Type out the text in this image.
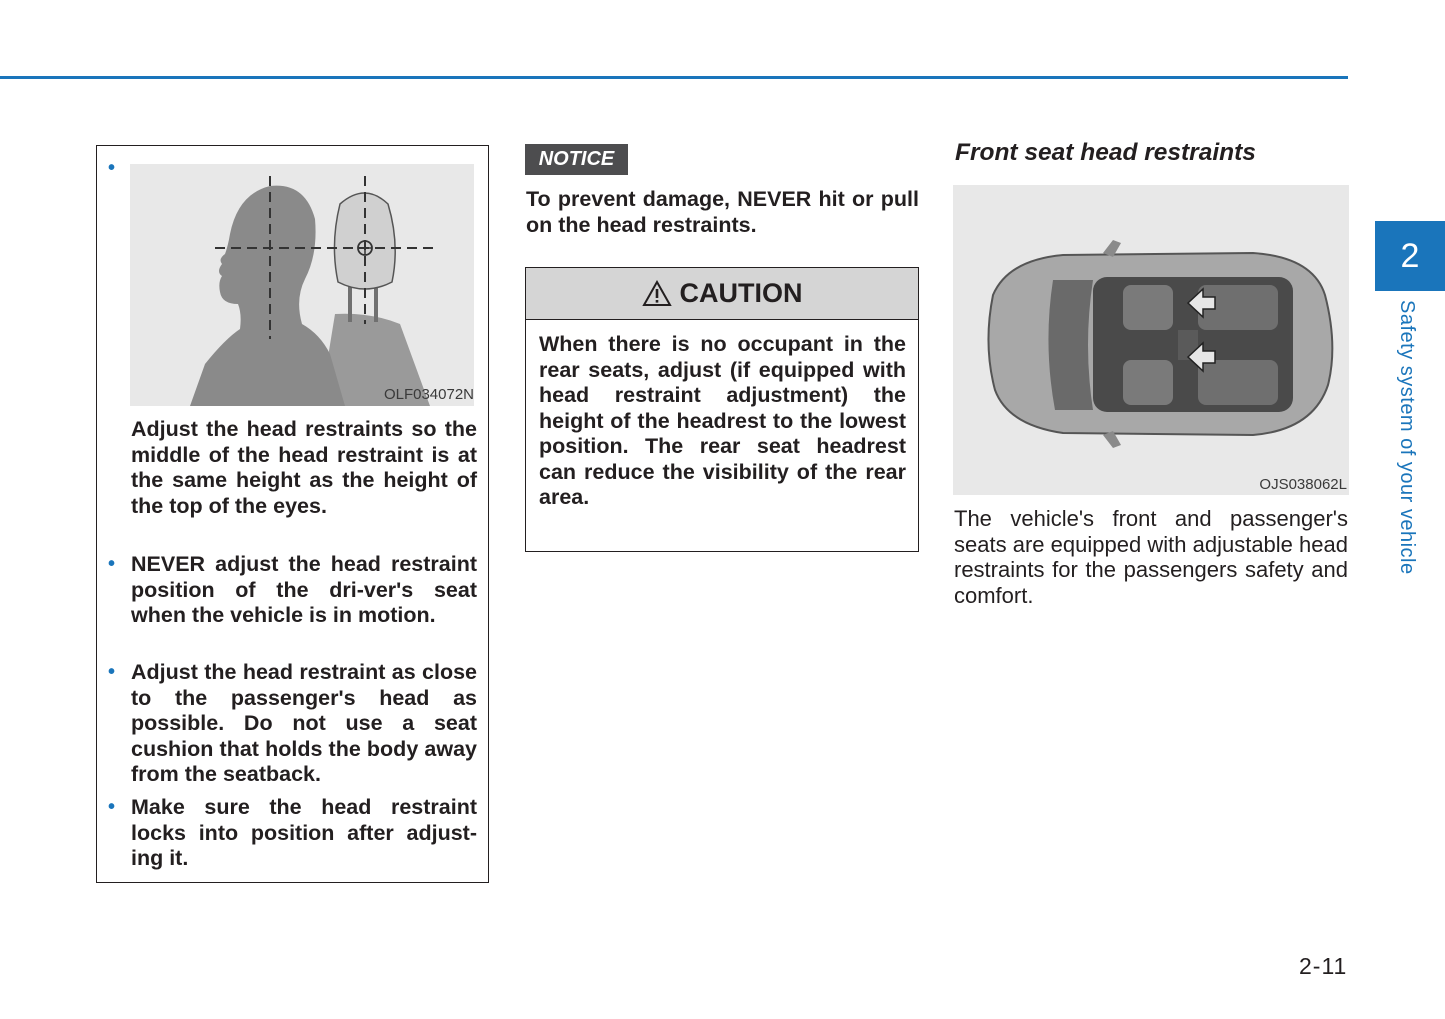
•
OLF034072N
Adjust the head restraints so the middle of the head restraint is at the same height as the height of the top of the eyes.
• NEVER adjust the head restraint position of the dri-ver's seat when the vehicle is in motion.
• Adjust the head restraint as close to the passenger's head as possible. Do not use a seat cushion that holds the body away from the seatback.
• Make sure the head restraint locks into position after adjust-ing it.
NOTICE
To prevent damage, NEVER hit or pull on the head restraints.
CAUTION
When there is no occupant in the rear seats, adjust (if equipped with head restraint adjustment) the height of the headrest to the lowest position. The rear seat headrest can reduce the visibility of the rear area.
Front seat head restraints
OJS038062L
The vehicle's front and passenger's seats are equipped with adjustable head restraints for the passengers safety and comfort.
2
Safety system of your vehicle
2-11
